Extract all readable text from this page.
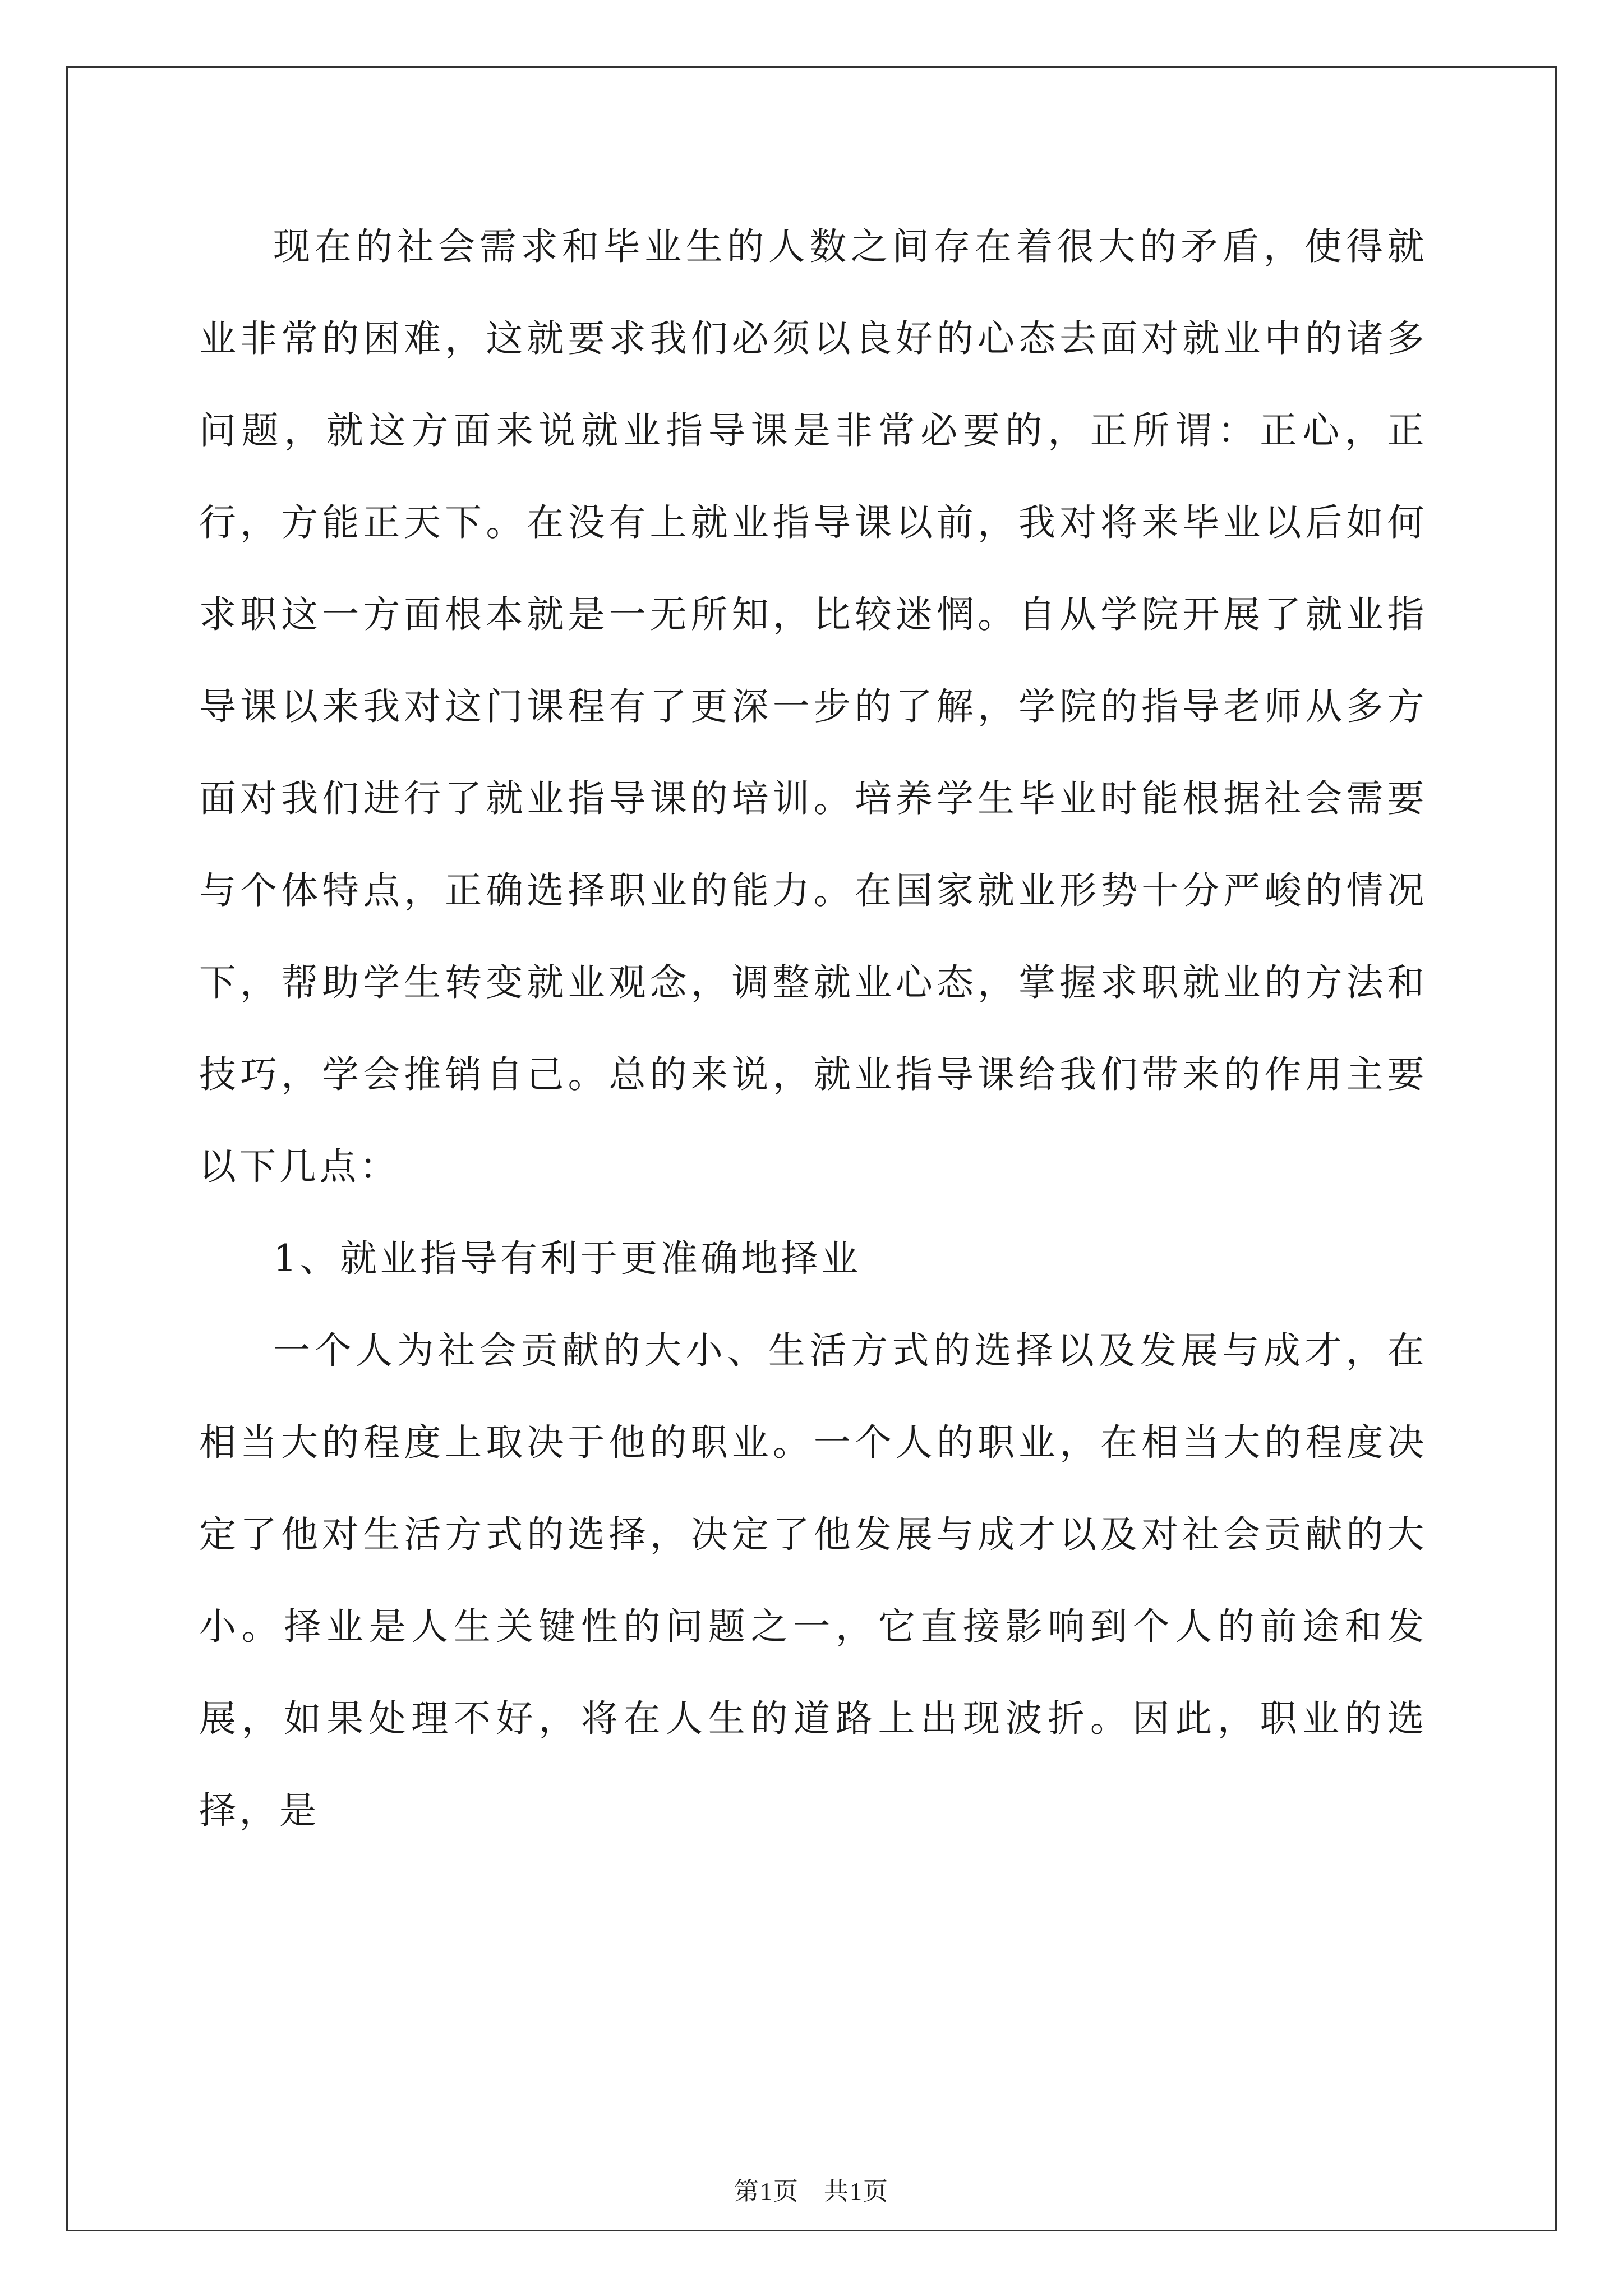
现在的社会需求和毕业生的人数之间存在着很大的矛盾，使得就业非常的困难，这就要求我们必须以良好的心态去面对就业中的诸多问题，就这方面来说就业指导课是非常必要的，正所谓：正心，正行，方能正天下。在没有上就业指导课以前，我对将来毕业以后如何求职这一方面根本就是一无所知，比较迷惘。自从学院开展了就业指导课以来我对这门课程有了更深一步的了解，学院的指导老师从多方面对我们进行了就业指导课的培训。培养学生毕业时能根据社会需要与个体特点，正确选择职业的能力。在国家就业形势十分严峻的情况下，帮助学生转变就业观念，调整就业心态，掌握求职就业的方法和技巧，学会推销自己。总的来说，就业指导课给我们带来的作用主要以下几点：

1、就业指导有利于更准确地择业

一个人为社会贡献的大小、生活方式的选择以及发展与成才，在相当大的程度上取决于他的职业。一个人的职业，在相当大的程度决定了他对生活方式的选择，决定了他发展与成才以及对社会贡献的大小。择业是人生关键性的问题之一，它直接影响到个人的前途和发展，如果处理不好，将在人生的道路上出现波折。因此，职业的选择，是

第1页 共1页
